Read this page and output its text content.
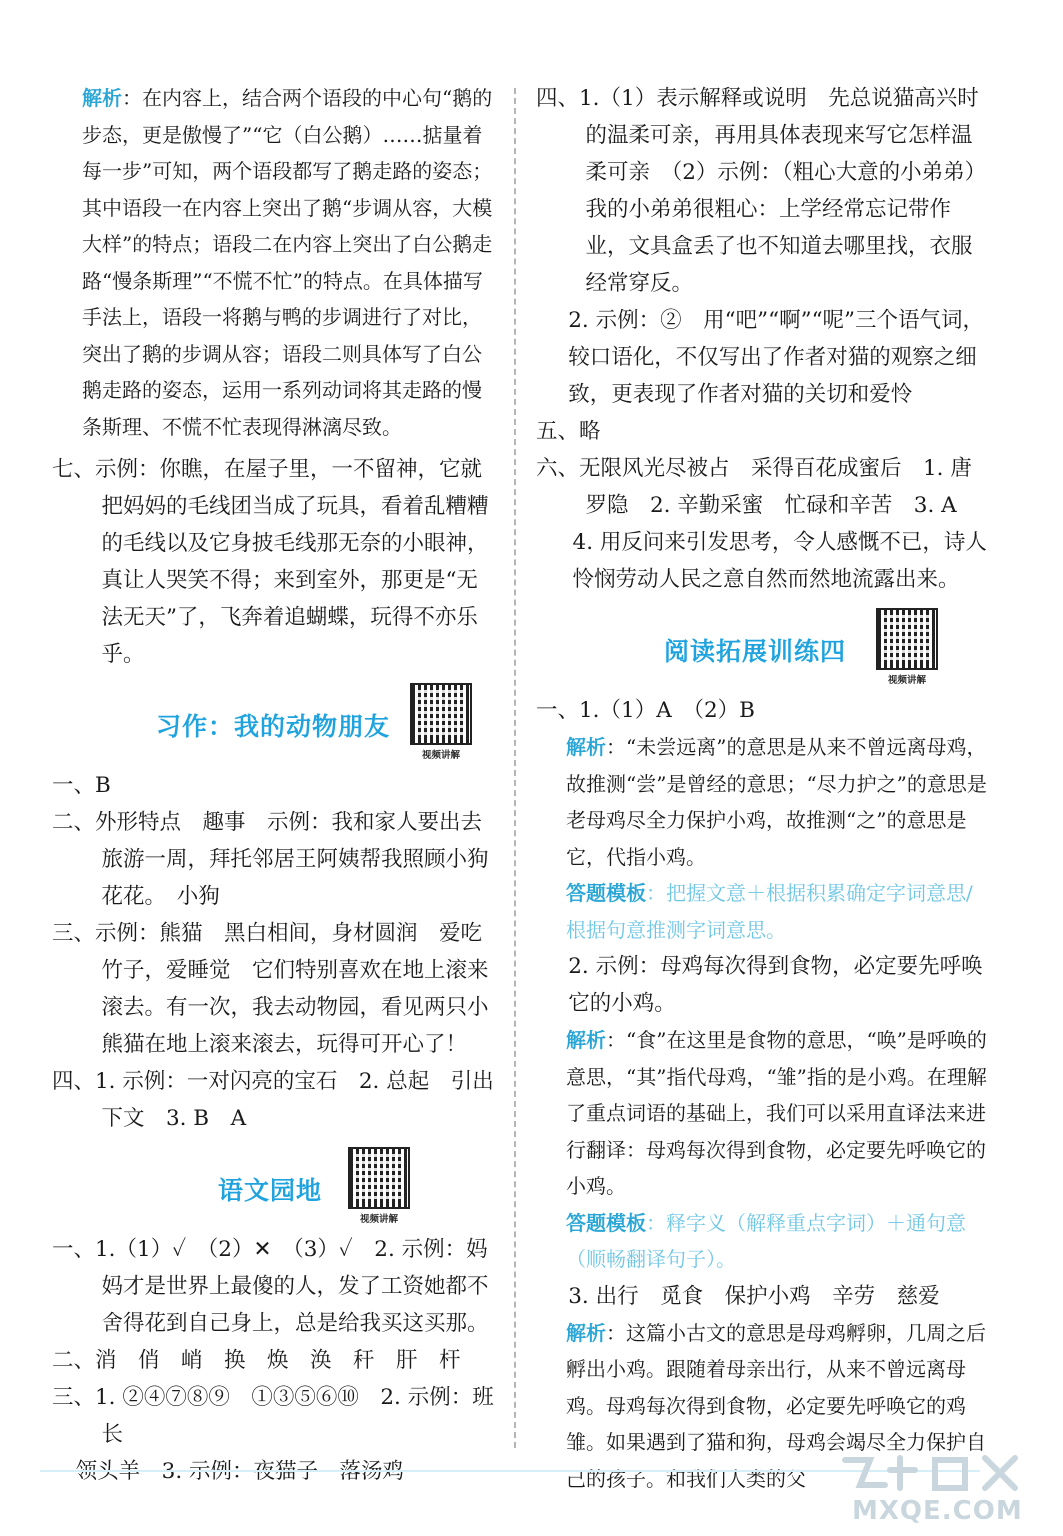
解析：在内容上，结合两个语段的中心句“鹅的步态，更是傲慢了”“它（白公鹅）……掂量着每一步”可知，两个语段都写了鹅走路的姿态；其中语段一在内容上突出了鹅“步调从容，大模大样”的特点；语段二在内容上突出了白公鹅走路“慢条斯理”“不慌不忙”的特点。在具体描写手法上，语段一将鹅与鸭的步调进行了对比，突出了鹅的步调从容；语段二则具体写了白公鹅走路的姿态，运用一系列动词将其走路的慢条斯理、不慌不忙表现得淋漓尽致。

七、示例：你瞧，在屋子里，一不留神，它就把妈妈的毛线团当成了玩具，看着乱糟糟的毛线以及它身披毛线那无奈的小眼神，真让人哭笑不得；来到室外，那更是“无法无天”了，飞奔着追蝴蝶，玩得不亦乐乎。

习作：我的动物朋友
视频讲解

一、B

二、外形特点　趣事　示例：我和家人要出去旅游一周，拜托邻居王阿姨帮我照顾小狗花花。　小狗

三、示例：熊猫　黑白相间，身材圆润　爱吃竹子，爱睡觉　它们特别喜欢在地上滚来滚去。有一次，我去动物园，看见两只小熊猫在地上滚来滚去，玩得可开心了！

四、1. 示例：一对闪亮的宝石　2. 总起　引出下文　3. B　A

语文园地
视频讲解

一、1.（1）✓　（2）✕　（3）✓　2. 示例：妈妈才是世界上最傻的人，发了工资她都不舍得花到自己身上，总是给我买这买那。

二、消　俏　峭　换　焕　涣　秆　肝　杆

三、1. ②④⑦⑧⑨　①③⑤⑥⑩　2. 示例：班长

领头羊　3. 示例：夜猫子　落汤鸡

四、1.（1）表示解释或说明　先总说猫高兴时的温柔可亲，再用具体表现来写它怎样温柔可亲　（2）示例：（粗心大意的小弟弟）我的小弟弟很粗心：上学经常忘记带作业，文具盒丢了也不知道去哪里找，衣服经常穿反。

2. 示例：②　用“吧”“啊”“呢”三个语气词，较口语化，不仅写出了作者对猫的观察之细致，更表现了作者对猫的关切和爱怜

五、略

六、无限风光尽被占　采得百花成蜜后　1. 唐罗隐　2. 辛勤采蜜　忙碌和辛苦　3. A

4. 用反问来引发思考，令人感慨不已，诗人怜悯劳动人民之意自然而然地流露出来。

阅读拓展训练四
视频讲解

一、1.（1）A　（2）B

解析：“未尝远离”的意思是从来不曾远离母鸡，故推测“尝”是曾经的意思；“尽力护之”的意思是老母鸡尽全力保护小鸡，故推测“之”的意思是它，代指小鸡。

答题模板：把握文意＋根据积累确定字词意思/根据句意推测字词意思。

2. 示例：母鸡每次得到食物，必定要先呼唤它的小鸡。

解析：“食”在这里是食物的意思，“唤”是呼唤的意思，“其”指代母鸡，“雏”指的是小鸡。在理解了重点词语的基础上，我们可以采用直译法来进行翻译：母鸡每次得到食物，必定要先呼唤它的小鸡。

答题模板：释字义（解释重点字词）＋通句意（顺畅翻译句子）。

3. 出行　觅食　保护小鸡　辛劳　慈爱

解析：这篇小古文的意思是母鸡孵卵，几周之后孵出小鸡。跟随着母亲出行，从来不曾远离母鸡。母鸡每次得到食物，必定要先呼唤它的鸡雏。如果遇到了猫和狗，母鸡会竭尽全力保护自己的孩子。和我们人类的父

MXQE.COM
